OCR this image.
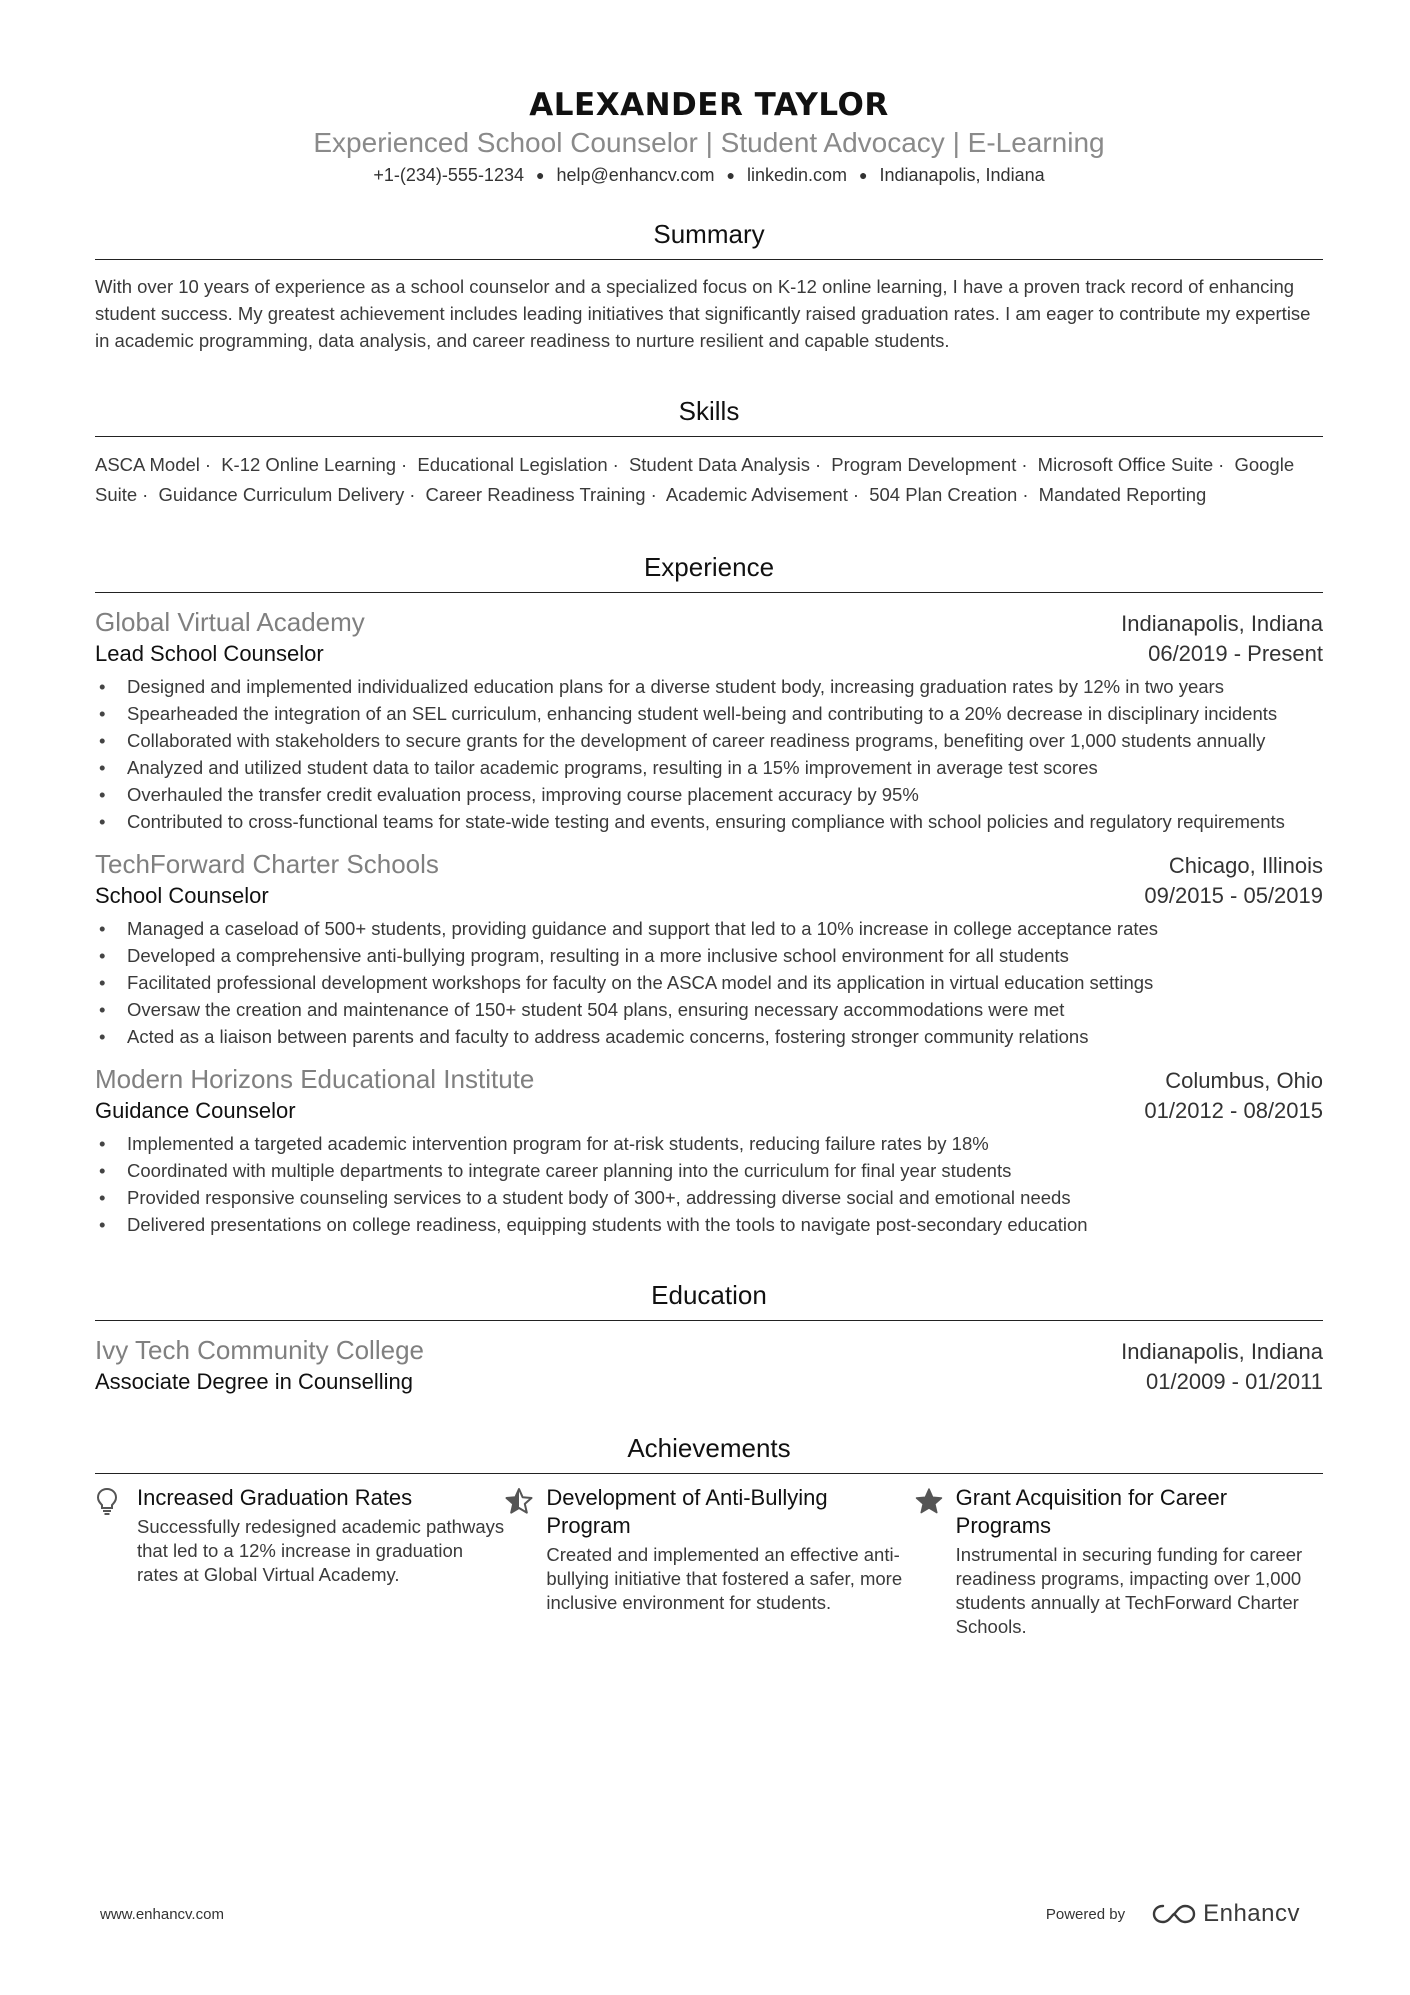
ALEXANDER TAYLOR
Experienced School Counselor | Student Advocacy | E-Learning
+1-(234)-555-1234 ● help@enhancv.com ● linkedin.com ● Indianapolis, Indiana
Summary
With over 10 years of experience as a school counselor and a specialized focus on K-12 online learning, I have a proven track record of enhancing student success. My greatest achievement includes leading initiatives that significantly raised graduation rates. I am eager to contribute my expertise in academic programming, data analysis, and career readiness to nurture resilient and capable students.
Skills
ASCA Model · K-12 Online Learning · Educational Legislation · Student Data Analysis · Program Development · Microsoft Office Suite · Google Suite · Guidance Curriculum Delivery · Career Readiness Training · Academic Advisement · 504 Plan Creation · Mandated Reporting
Experience
Global Virtual Academy	Indianapolis, Indiana
Lead School Counselor	06/2019 - Present
• Designed and implemented individualized education plans for a diverse student body, increasing graduation rates by 12% in two years
• Spearheaded the integration of an SEL curriculum, enhancing student well-being and contributing to a 20% decrease in disciplinary incidents
• Collaborated with stakeholders to secure grants for the development of career readiness programs, benefiting over 1,000 students annually
• Analyzed and utilized student data to tailor academic programs, resulting in a 15% improvement in average test scores
• Overhauled the transfer credit evaluation process, improving course placement accuracy by 95%
• Contributed to cross-functional teams for state-wide testing and events, ensuring compliance with school policies and regulatory requirements
TechForward Charter Schools	Chicago, Illinois
School Counselor	09/2015 - 05/2019
• Managed a caseload of 500+ students, providing guidance and support that led to a 10% increase in college acceptance rates
• Developed a comprehensive anti-bullying program, resulting in a more inclusive school environment for all students
• Facilitated professional development workshops for faculty on the ASCA model and its application in virtual education settings
• Oversaw the creation and maintenance of 150+ student 504 plans, ensuring necessary accommodations were met
• Acted as a liaison between parents and faculty to address academic concerns, fostering stronger community relations
Modern Horizons Educational Institute	Columbus, Ohio
Guidance Counselor	01/2012 - 08/2015
• Implemented a targeted academic intervention program for at-risk students, reducing failure rates by 18%
• Coordinated with multiple departments to integrate career planning into the curriculum for final year students
• Provided responsive counseling services to a student body of 300+, addressing diverse social and emotional needs
• Delivered presentations on college readiness, equipping students with the tools to navigate post-secondary education
Education
Ivy Tech Community College	Indianapolis, Indiana
Associate Degree in Counselling	01/2009 - 01/2011
Achievements
Increased Graduation Rates
Successfully redesigned academic pathways that led to a 12% increase in graduation rates at Global Virtual Academy.
Development of Anti-Bullying Program
Created and implemented an effective anti-bullying initiative that fostered a safer, more inclusive environment for students.
Grant Acquisition for Career Programs
Instrumental in securing funding for career readiness programs, impacting over 1,000 students annually at TechForward Charter Schools.
www.enhancv.com	Powered by	Enhancv
